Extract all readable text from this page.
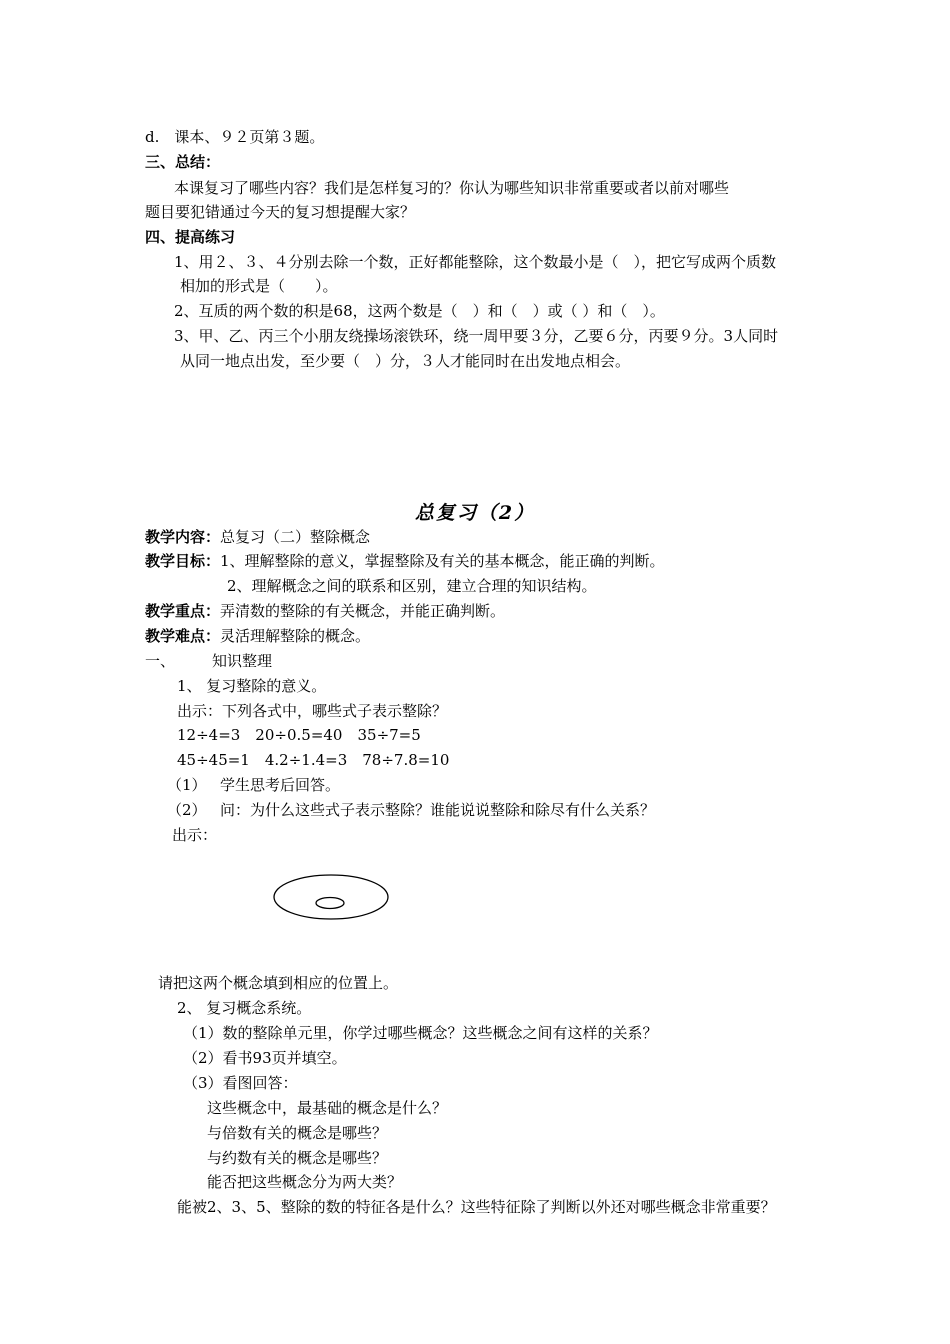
d.　课本、９２页第３题。
三、总结：
本课复习了哪些内容？我们是怎样复习的？你认为哪些知识非常重要或者以前对哪些
题目要犯错通过今天的复习想提醒大家？
四、提高练习
1、用２、３、４分别去除一个数，正好都能整除，这个数最小是（　），把它写成两个质数
相加的形式是（　　）。
2、互质的两个数的积是68，这两个数是（　）和（　）或（ ）和（　）。
3、甲、乙、丙三个小朋友绕操场滚铁环，绕一周甲要３分，乙要６分，丙要９分。3人同时
从同一地点出发，至少要（　）分，３人才能同时在出发地点相会。
总复习（2）
教学内容：总复习（二）整除概念
教学目标：1、理解整除的意义，掌握整除及有关的基本概念，能正确的判断。
2、理解概念之间的联系和区别，建立合理的知识结构。
教学重点：弄清数的整除的有关概念，并能正确判断。
教学难点：灵活理解整除的概念。
一、 知识整理
1、 复习整除的意义。
出示：下列各式中，哪些式子表示整除？
12÷4=3　20÷0.5=40　35÷7=5
45÷45=1　4.2÷1.4=3　78÷7.8=10
（1） 学生思考后回答。
（2） 问：为什么这些式子表示整除？谁能说说整除和除尽有什么关系？
出示：
请把这两个概念填到相应的位置上。
2、 复习概念系统。
（1）数的整除单元里，你学过哪些概念？这些概念之间有这样的关系？
（2）看书93页并填空。
（3）看图回答：
这些概念中，最基础的概念是什么？
与倍数有关的概念是哪些？
与约数有关的概念是哪些？
能否把这些概念分为两大类？
能被2、3、5、整除的数的特征各是什么？这些特征除了判断以外还对哪些概念非常重要？
